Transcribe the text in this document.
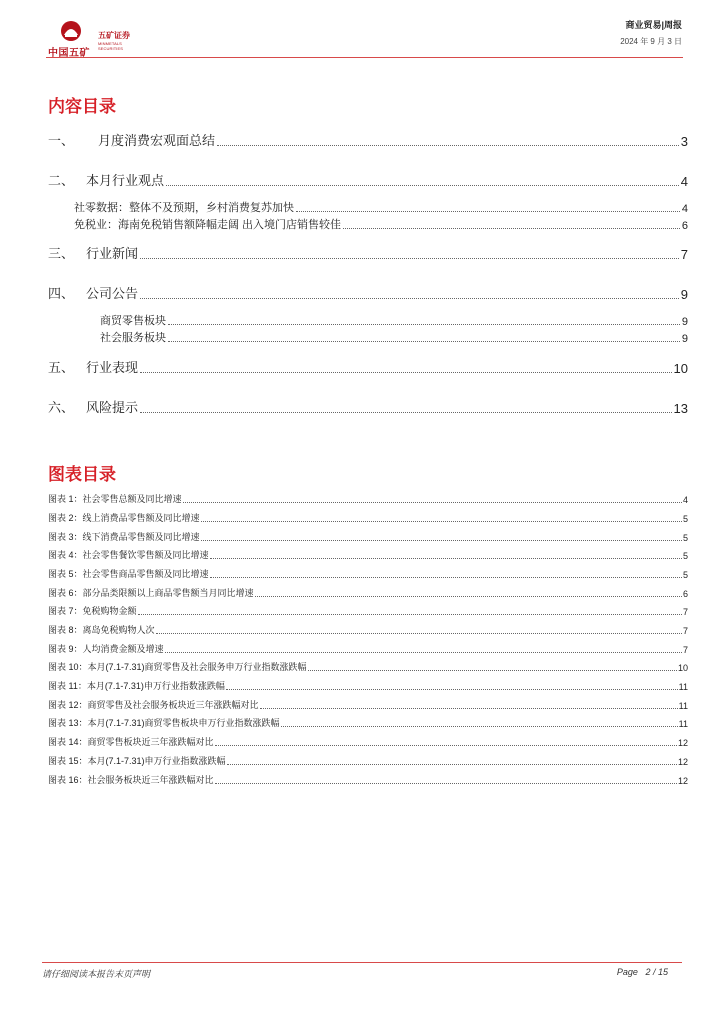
中国五矿
五矿证券
MINMETALS SECURITIES
商业贸易|周报
2024 年 9 月 3 日
内容目录
一、	月度消费宏观面总结	3
二、 本月行业观点	4
社零数据：整体不及预期，乡村消费复苏加快	4
免税业：海南免税销售额降幅走阔 出入境门店销售较佳	6
三、 行业新闻	7
四、 公司公告	9
商贸零售板块	9
社会服务板块	9
五、 行业表现	10
六、 风险提示	13
图表目录
图表 1： 社会零售总额及同比增速	4
图表 2： 线上消费品零售额及同比增速	5
图表 3： 线下消费品零售额及同比增速	5
图表 4： 社会零售餐饮零售额及同比增速	5
图表 5： 社会零售商品零售额及同比增速	5
图表 6： 部分品类限额以上商品零售额当月同比增速	6
图表 7： 免税购物金额	7
图表 8： 离岛免税购物人次	7
图表 9： 人均消费金额及增速	7
图表 10： 本月(7.1-7.31)商贸零售及社会服务申万行业指数涨跌幅	10
图表 11： 本月(7.1-7.31)申万行业指数涨跌幅	11
图表 12： 商贸零售及社会服务板块近三年涨跌幅对比	11
图表 13： 本月(7.1-7.31)商贸零售板块申万行业指数涨跌幅	11
图表 14： 商贸零售板块近三年涨跌幅对比	12
图表 15： 本月(7.1-7.31)申万行业指数涨跌幅	12
图表 16： 社会服务板块近三年涨跌幅对比	12
请仔细阅读本报告末页声明	Page 2 / 15
